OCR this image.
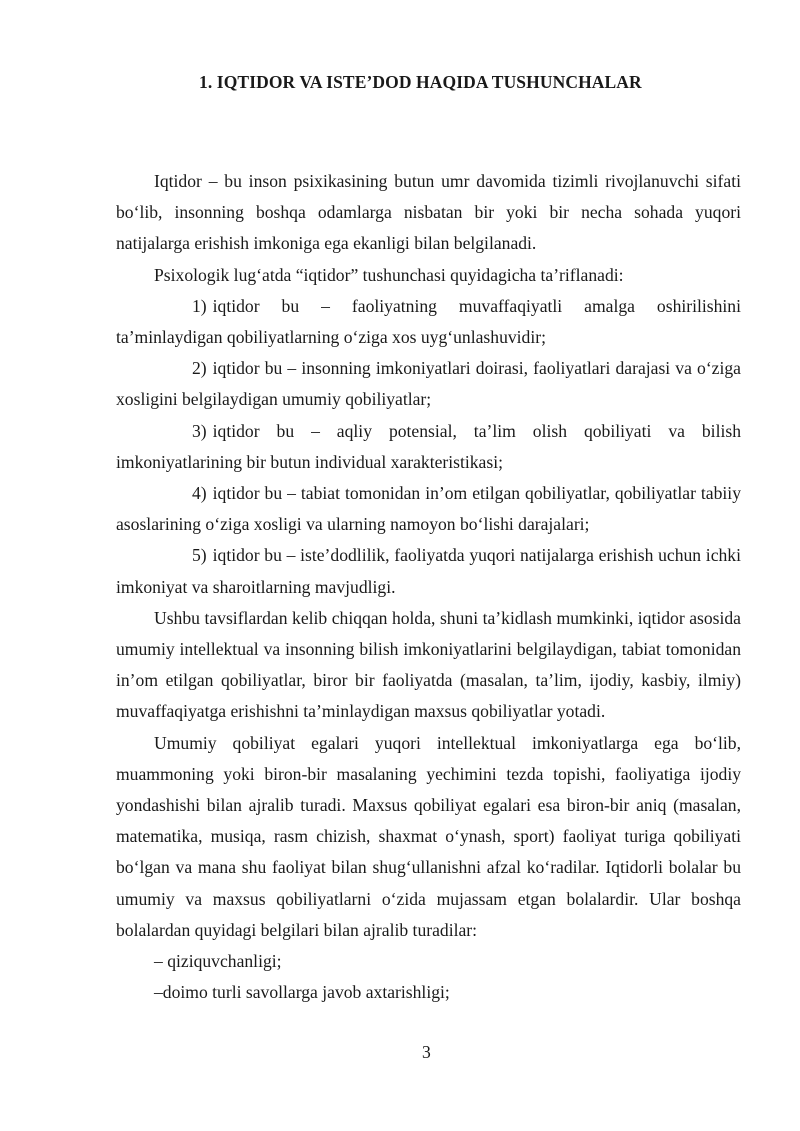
1. IQTIDOR VA ISTE’DOD HAQIDA TUSHUNCHALAR

Iqtidor – bu inson psixikasining butun umr davomida tizimli rivojlanuvchi sifati bo‘lib, insonning boshqa odamlarga nisbatan bir yoki bir necha sohada yuqori natijalarga erishish imkoniga ega ekanligi bilan belgilanadi.

Psixologik lug‘atda “iqtidor” tushunchasi quyidagicha ta’riflanadi:

1) iqtidor bu – faoliyatning muvaffaqiyatli amalga oshirilishini ta’minlaydigan qobiliyatlarning o‘ziga xos uyg‘unlashuvidir;

2) iqtidor bu – insonning imkoniyatlari doirasi, faoliyatlari darajasi va o‘ziga xosligini belgilaydigan umumiy qobiliyatlar;

3) iqtidor bu – aqliy potensial, ta’lim olish qobiliyati va bilish imkoniyatlarining bir butun individual xarakteristikasi;

4) iqtidor bu – tabiat tomonidan in’om etilgan qobiliyatlar, qobiliyatlar tabiiy asoslarining o‘ziga xosligi va ularning namoyon bo‘lishi darajalari;

5) iqtidor bu – iste’dodlilik, faoliyatda yuqori natijalarga erishish uchun ichki imkoniyat va sharoitlarning mavjudligi.

Ushbu tavsiflardan kelib chiqqan holda, shuni ta’kidlash mumkinki, iqtidor asosida umumiy intellektual va insonning bilish imkoniyatlarini belgilaydigan, tabiat tomonidan in’om etilgan qobiliyatlar, biror bir faoliyatda (masalan, ta’lim, ijodiy, kasbiy, ilmiy) muvaffaqiyatga erishishni ta’minlaydigan maxsus qobiliyatlar yotadi.

Umumiy qobiliyat egalari yuqori intellektual imkoniyatlarga ega bo‘lib, muammoning yoki biron-bir masalaning yechimini tezda topishi, faoliyatiga ijodiy yondashishi bilan ajralib turadi. Maxsus qobiliyat egalari esa biron-bir aniq (masalan, matematika, musiqa, rasm chizish, shaxmat o‘ynash, sport) faoliyat turiga qobiliyati bo‘lgan va mana shu faoliyat bilan shug‘ullanishni afzal ko‘radilar. Iqtidorli bolalar bu umumiy va maxsus qobiliyatlarni o‘zida mujassam etgan bolalardir. Ular boshqa bolalardan quyidagi belgilari bilan ajralib turadilar:

– qiziquvchanligi;

–doimo turli savollarga javob axtarishligi;

3
